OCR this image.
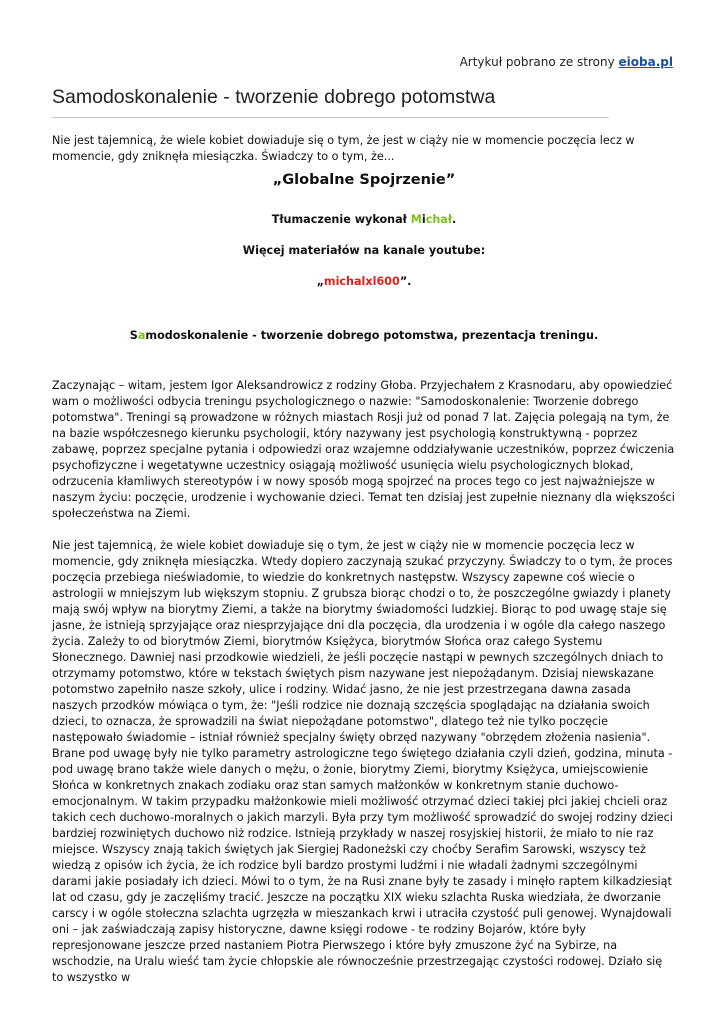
Artykuł pobrano ze strony eioba.pl
Samodoskonalenie - tworzenie dobrego potomstwa

Nie jest tajemnicą, że wiele kobiet dowiaduje się o tym, że jest w ciąży nie w momencie poczęcia lecz w momencie, gdy zniknęła miesiączka. Świadczy to o tym, że...

„Globalne Spojrzenie”

Tłumaczenie wykonał Michał.

Więcej materiałów na kanale youtube:

„michalxl600”.

Samodoskonalenie - tworzenie dobrego potomstwa, prezentacja treningu.

Zaczynając – witam, jestem Igor Aleksandrowicz z rodziny Głoba. Przyjechałem z Krasnodaru, aby opowiedzieć wam o możliwości odbycia treningu psychologicznego o nazwie: "Samodoskonalenie: Tworzenie dobrego potomstwa". Treningi są prowadzone w różnych miastach Rosji już od ponad 7 lat. Zajęcia polegają na tym, że na bazie współczesnego kierunku psychologii, który nazywany jest psychologią konstruktywną - poprzez zabawę, poprzez specjalne pytania i odpowiedzi oraz wzajemne oddziaływanie uczestników, poprzez ćwiczenia psychofizyczne i wegetatywne uczestnicy osiągają możliwość usunięcia wielu psychologicznych blokad, odrzucenia kłamliwych stereotypów i w nowy sposób mogą spojrzeć na proces tego co jest najważniejsze w naszym życiu: poczęcie, urodzenie i wychowanie dzieci. Temat ten dzisiaj jest zupełnie nieznany dla większości społeczeństwa na Ziemi.

Nie jest tajemnicą, że wiele kobiet dowiaduje się o tym, że jest w ciąży nie w momencie poczęcia lecz w momencie, gdy zniknęła miesiączka. Wtedy dopiero zaczynają szukać przyczyny. Świadczy to o tym, że proces poczęcia przebiega nieświadomie, to wiedzie do konkretnych następstw. Wszyscy zapewne coś wiecie o astrologii w mniejszym lub większym stopniu. Z grubsza biorąc chodzi o to, że poszczególne gwiazdy i planety mają swój wpływ na biorytmy Ziemi, a także na biorytmy świadomości ludzkiej. Biorąc to pod uwagę staje się jasne, że istnieją sprzyjające oraz niesprzyjające dni dla poczęcia, dla urodzenia i w ogóle dla całego naszego życia. Zależy to od biorytmów Ziemi, biorytmów Księżyca, biorytmów Słońca oraz całego Systemu Słonecznego. Dawniej nasi przodkowie wiedzieli, że jeśli poczęcie nastąpi w pewnych szczególnych dniach to otrzymamy potomstwo, które w tekstach świętych pism nazywane jest niepożądanym. Dzisiaj niewskazane potomstwo zapełniło nasze szkoły, ulice i rodziny. Widać jasno, że nie jest przestrzegana dawna zasada naszych przodków mówiąca o tym, że: "Jeśli rodzice nie doznają szczęścia spoglądając na działania swoich dzieci, to oznacza, że sprowadzili na świat niepożądane potomstwo", dlatego też nie tylko poczęcie następowało świadomie – istniał również specjalny święty obrzęd nazywany "obrzędem złożenia nasienia". Brane pod uwagę były nie tylko parametry astrologiczne tego świętego działania czyli dzień, godzina, minuta - pod uwagę brano także wiele danych o mężu, o żonie, biorytmy Ziemi, biorytmy Księżyca, umiejscowienie Słońca w konkretnych znakach zodiaku oraz stan samych małżonków w konkretnym stanie duchowo-emocjonalnym. W takim przypadku małżonkowie mieli możliwość otrzymać dzieci takiej płci jakiej chcieli oraz takich cech duchowo-moralnych o jakich marzyli. Była przy tym możliwość sprowadzić do swojej rodziny dzieci bardziej rozwiniętych duchowo niż rodzice. Istnieją przykłady w naszej rosyjskiej historii, że miało to nie raz miejsce. Wszyscy znają takich świętych jak Siergiej Radoneżski czy choćby Serafim Sarowski, wszyscy też wiedzą z opisów ich życia, że ich rodzice byli bardzo prostymi ludźmi i nie władali żadnymi szczególnymi darami jakie posiadały ich dzieci. Mówi to o tym, że na Rusi znane były te zasady i minęło raptem kilkadziesiąt lat od czasu, gdy je zaczęliśmy tracić. Jeszcze na początku XIX wieku szlachta Ruska wiedziała, że dworzanie carscy i w ogóle stołeczna szlachta ugrzęzła w mieszankach krwi i utraciła czystość puli genowej. Wynajdowali oni – jak zaświadczają zapisy historyczne, dawne księgi rodowe - te rodziny Bojarów, które były represjonowane jeszcze przed nastaniem Piotra Pierwszego i które były zmuszone żyć na Sybirze, na wschodzie, na Uralu wieść tam życie chłopskie ale równocześnie przestrzegając czystości rodowej. Działo się to wszystko w
